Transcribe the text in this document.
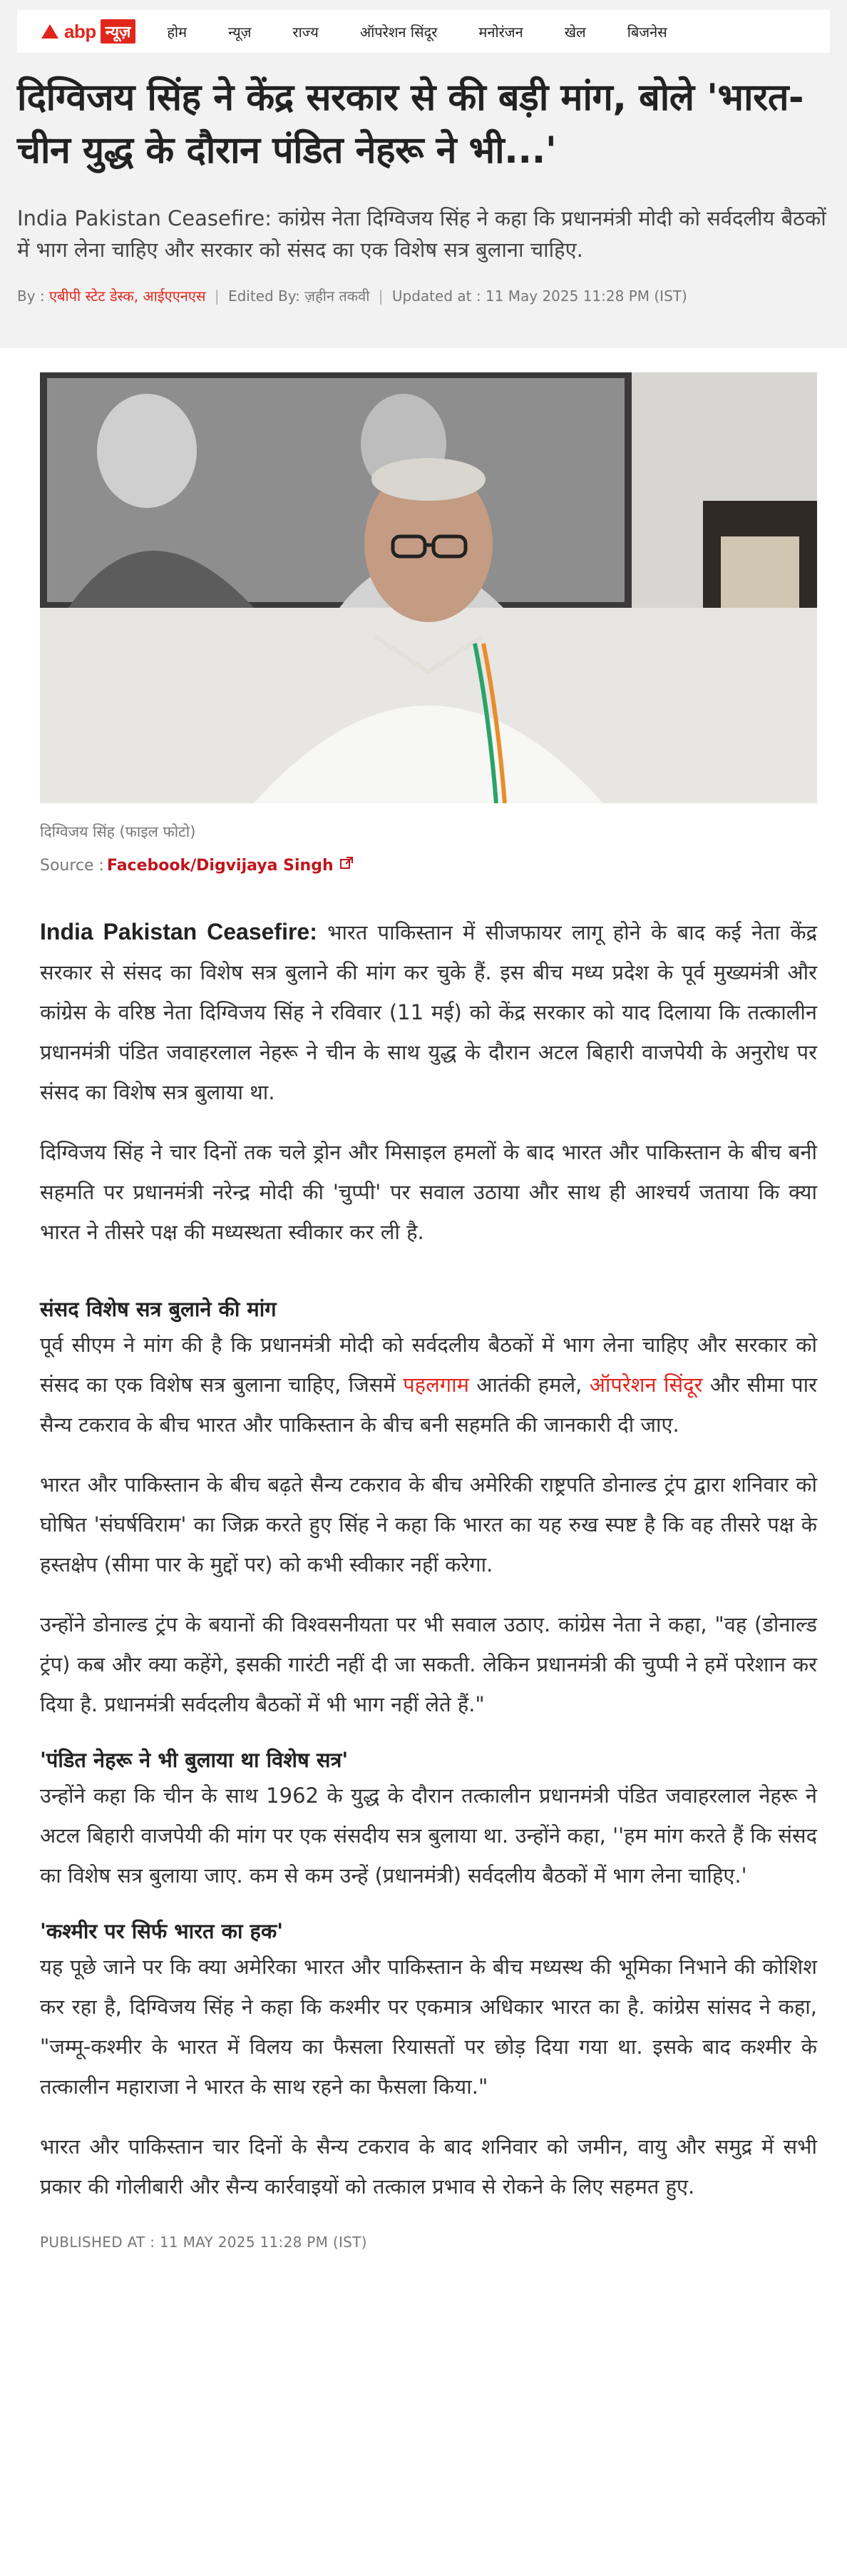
abp न्यूज़	होम	न्यूज़	राज्य	ऑपरेशन सिंदूर	मनोरंजन	खेल	बिजनेस
दिग्विजय सिंह ने केंद्र सरकार से की बड़ी मांग, बोले 'भारत-चीन युद्ध के दौरान पंडित नेहरू ने भी...'

India Pakistan Ceasefire: कांग्रेस नेता दिग्विजय सिंह ने कहा कि प्रधानमंत्री मोदी को सर्वदलीय बैठकों में भाग लेना चाहिए और सरकार को संसद का एक विशेष सत्र बुलाना चाहिए.

By : एबीपी स्टेट डेस्क, आईएएनएस | Edited By: ज़हीन तकवी | Updated at : 11 May 2025 11:28 PM (IST)

दिग्विजय सिंह (फाइल फोटो)

Source : Facebook/Digvijaya Singh

India Pakistan Ceasefire: भारत पाकिस्तान में सीजफायर लागू होने के बाद कई नेता केंद्र सरकार से संसद का विशेष सत्र बुलाने की मांग कर चुके हैं. इस बीच मध्य प्रदेश के पूर्व मुख्यमंत्री और कांग्रेस के वरिष्ठ नेता दिग्विजय सिंह ने रविवार (11 मई) को केंद्र सरकार को याद दिलाया कि तत्कालीन प्रधानमंत्री पंडित जवाहरलाल नेहरू ने चीन के साथ युद्ध के दौरान अटल बिहारी वाजपेयी के अनुरोध पर संसद का विशेष सत्र बुलाया था.

दिग्विजय सिंह ने चार दिनों तक चले ड्रोन और मिसाइल हमलों के बाद भारत और पाकिस्तान के बीच बनी सहमति पर प्रधानमंत्री नरेन्द्र मोदी की 'चुप्पी' पर सवाल उठाया और साथ ही आश्चर्य जताया कि क्या भारत ने तीसरे पक्ष की मध्यस्थता स्वीकार कर ली है.

संसद विशेष सत्र बुलाने की मांग

पूर्व सीएम ने मांग की है कि प्रधानमंत्री मोदी को सर्वदलीय बैठकों में भाग लेना चाहिए और सरकार को संसद का एक विशेष सत्र बुलाना चाहिए, जिसमें पहलगाम आतंकी हमले, ऑपरेशन सिंदूर और सीमा पार सैन्य टकराव के बीच भारत और पाकिस्तान के बीच बनी सहमति की जानकारी दी जाए.

भारत और पाकिस्तान के बीच बढ़ते सैन्य टकराव के बीच अमेरिकी राष्ट्रपति डोनाल्ड ट्रंप द्वारा शनिवार को घोषित 'संघर्षविराम' का जिक्र करते हुए सिंह ने कहा कि भारत का यह रुख स्पष्ट है कि वह तीसरे पक्ष के हस्तक्षेप (सीमा पार के मुद्दों पर) को कभी स्वीकार नहीं करेगा.

उन्होंने डोनाल्ड ट्रंप के बयानों की विश्वसनीयता पर भी सवाल उठाए. कांग्रेस नेता ने कहा, "वह (डोनाल्ड ट्रंप) कब और क्या कहेंगे, इसकी गारंटी नहीं दी जा सकती. लेकिन प्रधानमंत्री की चुप्पी ने हमें परेशान कर दिया है. प्रधानमंत्री सर्वदलीय बैठकों में भी भाग नहीं लेते हैं."

'पंडित नेहरू ने भी बुलाया था विशेष सत्र'

उन्होंने कहा कि चीन के साथ 1962 के युद्ध के दौरान तत्कालीन प्रधानमंत्री पंडित जवाहरलाल नेहरू ने अटल बिहारी वाजपेयी की मांग पर एक संसदीय सत्र बुलाया था. उन्होंने कहा, ''हम मांग करते हैं कि संसद का विशेष सत्र बुलाया जाए. कम से कम उन्हें (प्रधानमंत्री) सर्वदलीय बैठकों में भाग लेना चाहिए.'

'कश्मीर पर सिर्फ भारत का हक'

यह पूछे जाने पर कि क्या अमेरिका भारत और पाकिस्तान के बीच मध्यस्थ की भूमिका निभाने की कोशिश कर रहा है, दिग्विजय सिंह ने कहा कि कश्मीर पर एकमात्र अधिकार भारत का है. कांग्रेस सांसद ने कहा, "जम्मू-कश्मीर के भारत में विलय का फैसला रियासतों पर छोड़ दिया गया था. इसके बाद कश्मीर के तत्कालीन महाराजा ने भारत के साथ रहने का फैसला किया."

भारत और पाकिस्तान चार दिनों के सैन्य टकराव के बाद शनिवार को जमीन, वायु और समुद्र में सभी प्रकार की गोलीबारी और सैन्य कार्रवाइयों को तत्काल प्रभाव से रोकने के लिए सहमत हुए.

PUBLISHED AT : 11 MAY 2025 11:28 PM (IST)
